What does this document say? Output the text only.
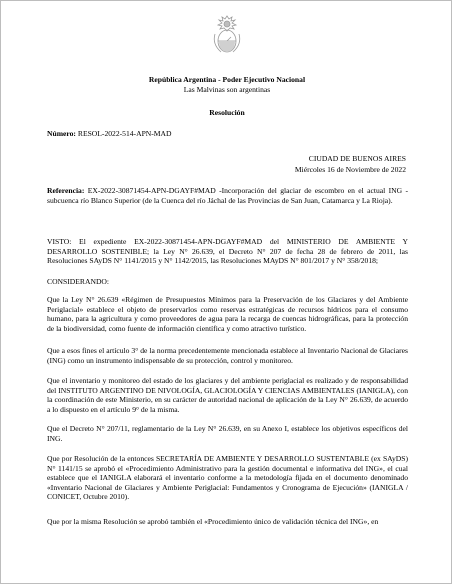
República Argentina - Poder Ejecutivo Nacional
Las Malvinas son argentinas
Resolución
Número: RESOL-2022-514-APN-MAD
CIUDAD DE BUENOS AIRES
Miércoles 16 de Noviembre de 2022
Referencia: EX-2022-30871454-APN-DGAYF#MAD -Incorporación del glaciar de escombro en el actual ING - subcuenca río Blanco Superior (de la Cuenca del río Jáchal de las Provincias de San Juan, Catamarca y La Rioja).
VISTO: El expediente EX-2022-30871454-APN-DGAYF#MAD del MINISTERIO DE AMBIENTE Y DESARROLLO SOSTENIBLE; la Ley N° 26.639, el Decreto N° 207 de fecha 28 de febrero de 2011, las Resoluciones SAyDS N° 1141/2015 y N° 1142/2015, las Resoluciones MAyDS N° 801/2017 y N° 358/2018;
CONSIDERANDO:
Que la Ley N° 26.639 «Régimen de Presupuestos Mínimos para la Preservación de los Glaciares y del Ambiente Periglacial» establece el objeto de preservarlos como reservas estratégicas de recursos hídricos para el consumo humano, para la agricultura y como proveedores de agua para la recarga de cuencas hidrográficas, para la protección de la biodiversidad, como fuente de información científica y como atractivo turístico.
Que a esos fines el artículo 3° de la norma precedentemente mencionada establece al Inventario Nacional de Glaciares (ING) como un instrumento indispensable de su protección, control y monitoreo.
Que el inventario y monitoreo del estado de los glaciares y del ambiente periglacial es realizado y de responsabilidad del INSTITUTO ARGENTINO DE NIVOLOGÍA, GLACIOLOGÍA Y CIENCIAS AMBIENTALES (IANIGLA), con la coordinación de este Ministerio, en su carácter de autoridad nacional de aplicación de la Ley N° 26.639, de acuerdo a lo dispuesto en el artículo 9° de la misma.
Que el Decreto N° 207/11, reglamentario de la Ley N° 26.639, en su Anexo I, establece los objetivos específicos del ING.
Que por Resolución de la entonces SECRETARÍA DE AMBIENTE Y DESARROLLO SUSTENTABLE (ex SAyDS) N° 1141/15 se aprobó el «Procedimiento Administrativo para la gestión documental e informativa del ING», el cual establece que el IANIGLA elaborará el inventario conforme a la metodología fijada en el documento denominado «Inventario Nacional de Glaciares y Ambiente Periglacial: Fundamentos y Cronograma de Ejecución» (IANIGLA / CONICET, Octubre 2010).
Que por la misma Resolución se aprobó también el «Procedimiento único de validación técnica del ING», en
